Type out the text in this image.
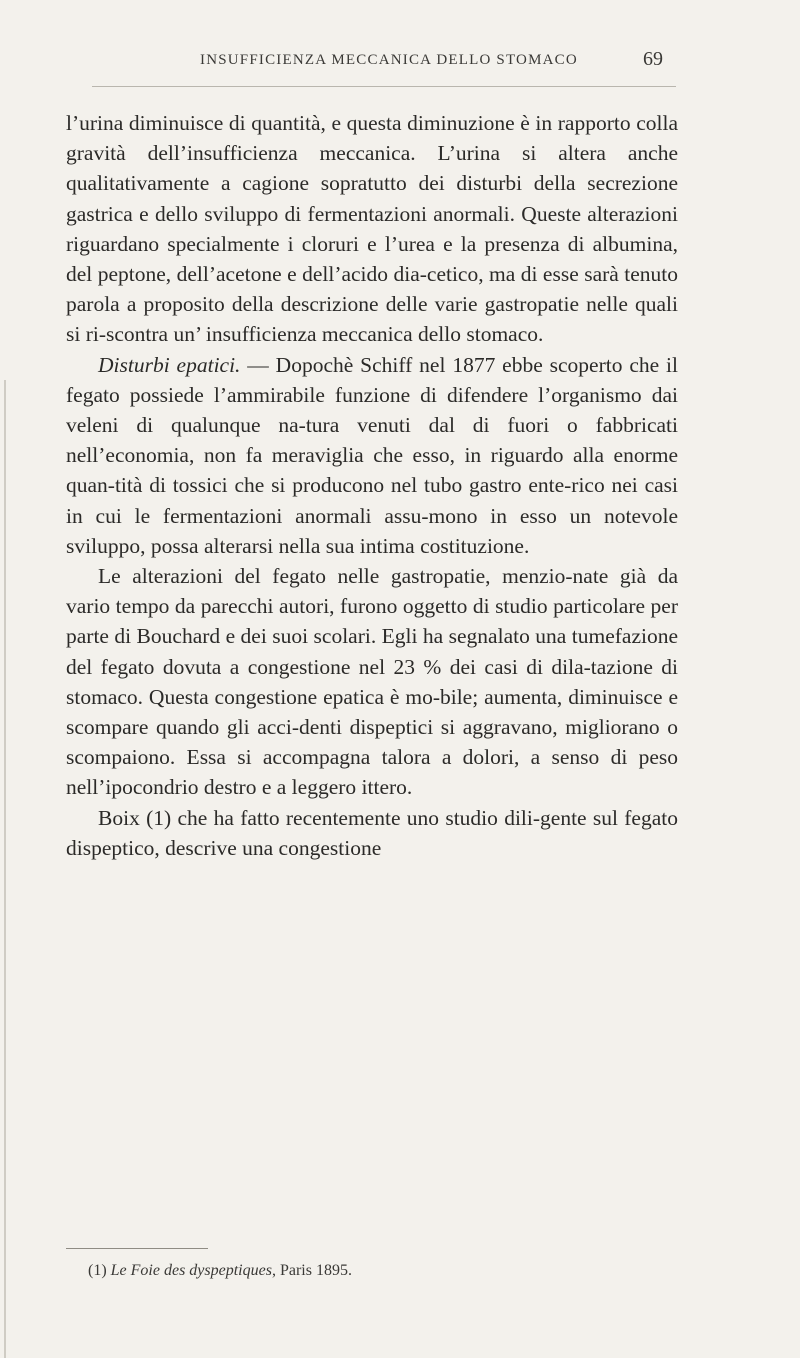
INSUFFICIENZA MECCANICA DELLO STOMACO	69

l’urina diminuisce di quantità, e questa diminuzione è in rapporto colla gravità dell’insufficienza meccanica. L’urina si altera anche qualitativamente a cagione sopratutto dei disturbi della secrezione gastrica e dello sviluppo di fermentazioni anormali. Queste alterazioni riguardano specialmente i cloruri e l’urea e la presenza di albumina, del peptone, dell’acetone e dell’acido dia-cetico, ma di esse sarà tenuto parola a proposito della descrizione delle varie gastropatie nelle quali si ri-scontra un’ insufficienza meccanica dello stomaco.

Disturbi epatici. — Dopochè Schiff nel 1877 ebbe scoperto che il fegato possiede l’ammirabile funzione di difendere l’organismo dai veleni di qualunque na-tura venuti dal di fuori o fabbricati nell’economia, non fa meraviglia che esso, in riguardo alla enorme quan-tità di tossici che si producono nel tubo gastro ente-rico nei casi in cui le fermentazioni anormali assu-mono in esso un notevole sviluppo, possa alterarsi nella sua intima costituzione.

Le alterazioni del fegato nelle gastropatie, menzio-nate già da vario tempo da parecchi autori, furono oggetto di studio particolare per parte di Bouchard e dei suoi scolari. Egli ha segnalato una tumefazione del fegato dovuta a congestione nel 23 % dei casi di dila-tazione di stomaco. Questa congestione epatica è mo-bile; aumenta, diminuisce e scompare quando gli acci-denti dispeptici si aggravano, migliorano o scompaiono. Essa si accompagna talora a dolori, a senso di peso nell’ipocondrio destro e a leggero ittero.

Boix (1) che ha fatto recentemente uno studio dili-gente sul fegato dispeptico, descrive una congestione

(1) Le Foie des dyspeptiques, Paris 1895.
